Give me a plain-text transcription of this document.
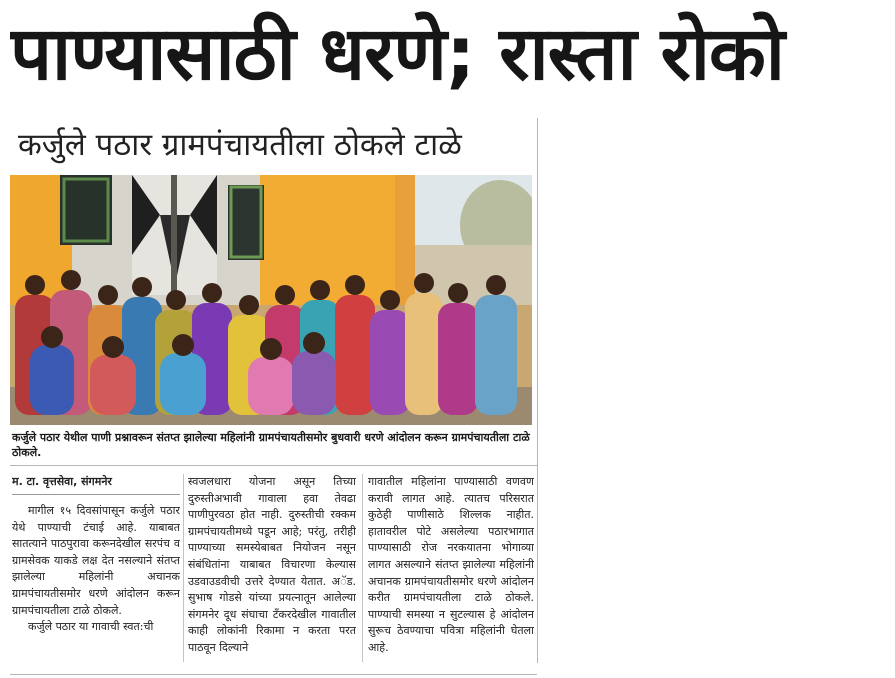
पाण्यासाठी धरणे; रास्ता रोको
कर्जुले पठार ग्रामपंचायतीला ठोकले टाळे
कर्जुले पठार येथील पाणी प्रश्नावरून संतप्त झालेल्या महिलांनी ग्रामपंचायतीसमोर बुधवारी धरणे आंदोलन करून ग्रामपंचायतीला टाळे ठोकले.
म. टा. वृत्तसेवा, संगमनेर

मागील १५ दिवसांपासून कर्जुले पठार येथे पाण्याची टंचाई आहे. याबाबत सातत्याने पाठपुरावा करूनदेखील सरपंच व ग्रामसेवक याकडे लक्ष देत नसल्याने संतप्त झालेल्या महिलांनी अचानक ग्रामपंचायतीसमोर धरणे आंदोलन करून ग्रामपंचायतीला टाळे ठोकले.

कर्जुले पठार या गावाची स्वत:ची

स्वजलधारा योजना असून तिच्या दुरुस्तीअभावी गावाला हवा तेवढा पाणीपुरवठा होत नाही. दुरुस्तीची रक्कम ग्रामपंचायतीमध्ये पडून आहे; परंतु, तरीही पाण्याच्या समस्येबाबत नियोजन नसून संबंधितांना याबाबत विचारणा केल्यास उडवाउडवीची उत्तरे देण्यात येतात. अॅड. सुभाष गोडसे यांच्या प्रयत्नातून आलेल्या संगमनेर दूध संघाचा टँकरदेखील गावातील काही लोकांनी रिकामा न करता परत पाठवून दिल्याने

गावातील महिलांना पाण्यासाठी वणवण करावी लागत आहे. त्यातच परिसरात कुठेही पाणीसाठे शिल्लक नाहीत. हातावरील पोटे असलेल्या पठारभागात पाण्यासाठी रोज नरकयातना भोगाव्या लागत असल्याने संतप्त झालेल्या महिलांनी अचानक ग्रामपंचायतीसमोर धरणे आंदोलन करीत ग्रामपंचायतीला टाळे ठोकले. पाण्याची समस्या न सुटल्यास हे आंदोलन सुरूच ठेवण्याचा पवित्रा महिलांनी घेतला आहे.
